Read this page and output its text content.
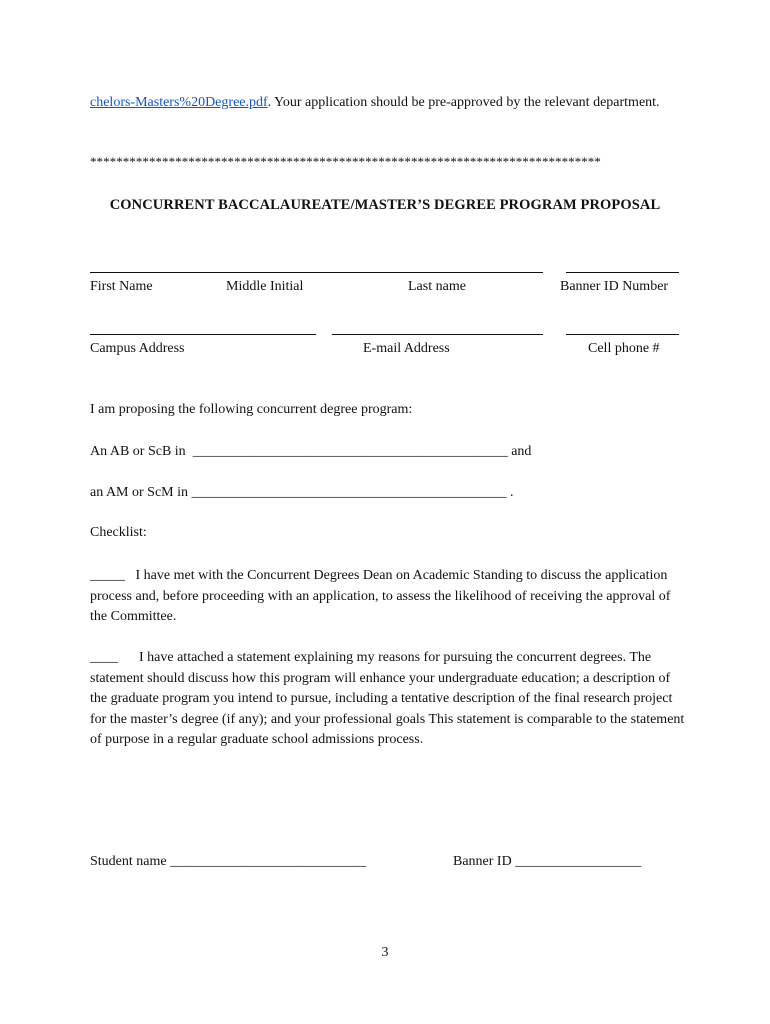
chelors-Masters%20Degree.pdf. Your application should be pre-approved by the relevant department.
******************************************************************************
CONCURRENT BACCALAUREATE/MASTER’S DEGREE PROGRAM PROPOSAL
First Name	Middle Initial	Last name	Banner ID Number
Campus Address	E-mail Address	Cell phone #
I am proposing the following concurrent degree program:
An AB or ScB in _____________________________________________ and
an AM or ScM in _____________________________________________ .
Checklist:
_____ I have met with the Concurrent Degrees Dean on Academic Standing to discuss the application process and, before proceeding with an application, to assess the likelihood of receiving the approval of the Committee.
____ I have attached a statement explaining my reasons for pursuing the concurrent degrees. The statement should discuss how this program will enhance your undergraduate education; a description of the graduate program you intend to pursue, including a tentative description of the final research project for the master’s degree (if any); and your professional goals This statement is comparable to the statement of purpose in a regular graduate school admissions process.
Student name ____________________________	Banner ID __________________
3
